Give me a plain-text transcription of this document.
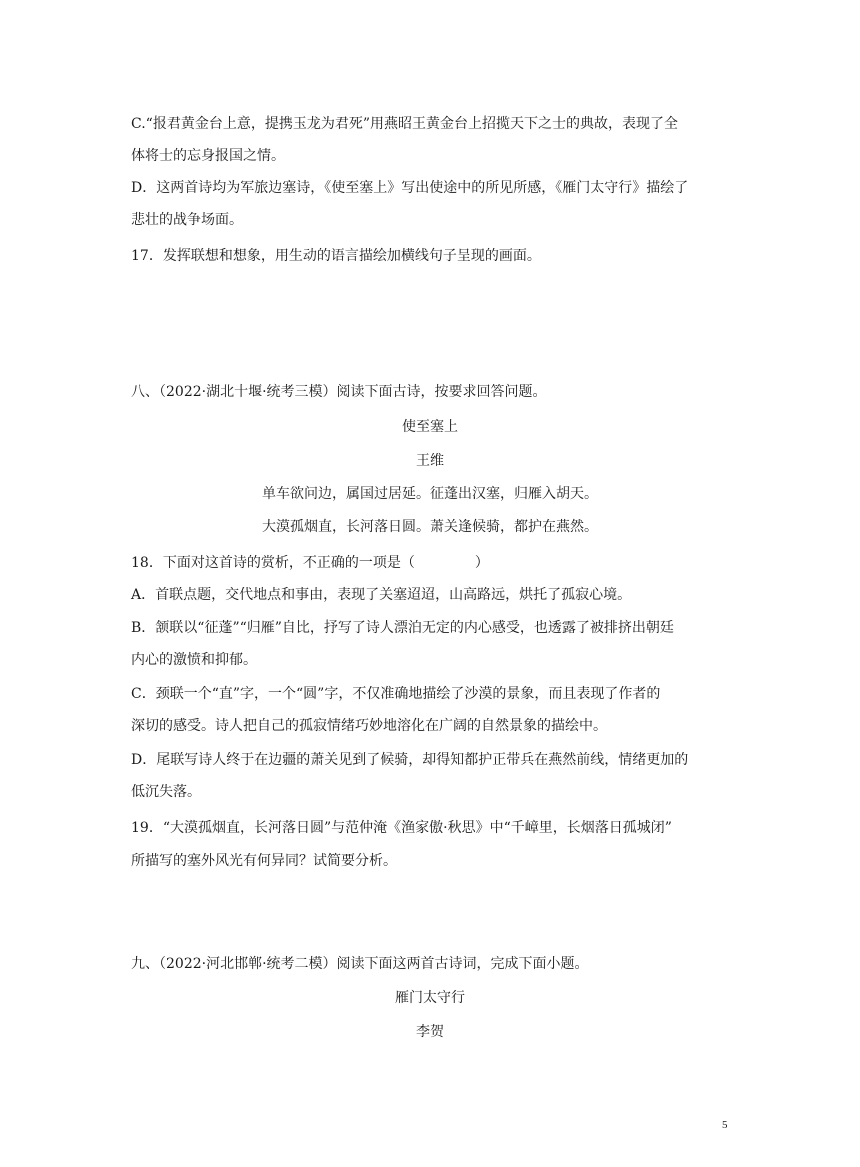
C.“报君黄金台上意，提携玉龙为君死”用燕昭王黄金台上招揽天下之士的典故，表现了全
体将士的忘身报国之情。
D．这两首诗均为军旅边塞诗，《使至塞上》写出使途中的所见所感，《雁门太守行》描绘了
悲壮的战争场面。
17．发挥联想和想象，用生动的语言描绘加横线句子呈现的画面。
八、（2022·湖北十堰·统考三模）阅读下面古诗，按要求回答问题。
使至塞上
王维
单车欲问边，属国过居延。征蓬出汉塞，归雁入胡天。
大漠孤烟直，长河落日圆。萧关逢候骑，都护在燕然。
18．下面对这首诗的赏析，不正确的一项是（	）
A．首联点题，交代地点和事由，表现了关塞迢迢，山高路远，烘托了孤寂心境。
B．颔联以“征蓬”“归雁”自比，抒写了诗人漂泊无定的内心感受，也透露了被排挤出朝廷
内心的激愤和抑郁。
C．颈联一个“直”字，一个“圆”字，不仅准确地描绘了沙漠的景象，而且表现了作者的
深切的感受。诗人把自己的孤寂情绪巧妙地溶化在广阔的自然景象的描绘中。
D．尾联写诗人终于在边疆的萧关见到了候骑，却得知都护正带兵在燕然前线，情绪更加的
低沉失落。
19．“大漠孤烟直，长河落日圆”与范仲淹《渔家傲·秋思》中“千嶂里，长烟落日孤城闭”
所描写的塞外风光有何异同？试简要分析。
九、（2022·河北邯郸·统考二模）阅读下面这两首古诗词，完成下面小题。
雁门太守行
李贺
5
